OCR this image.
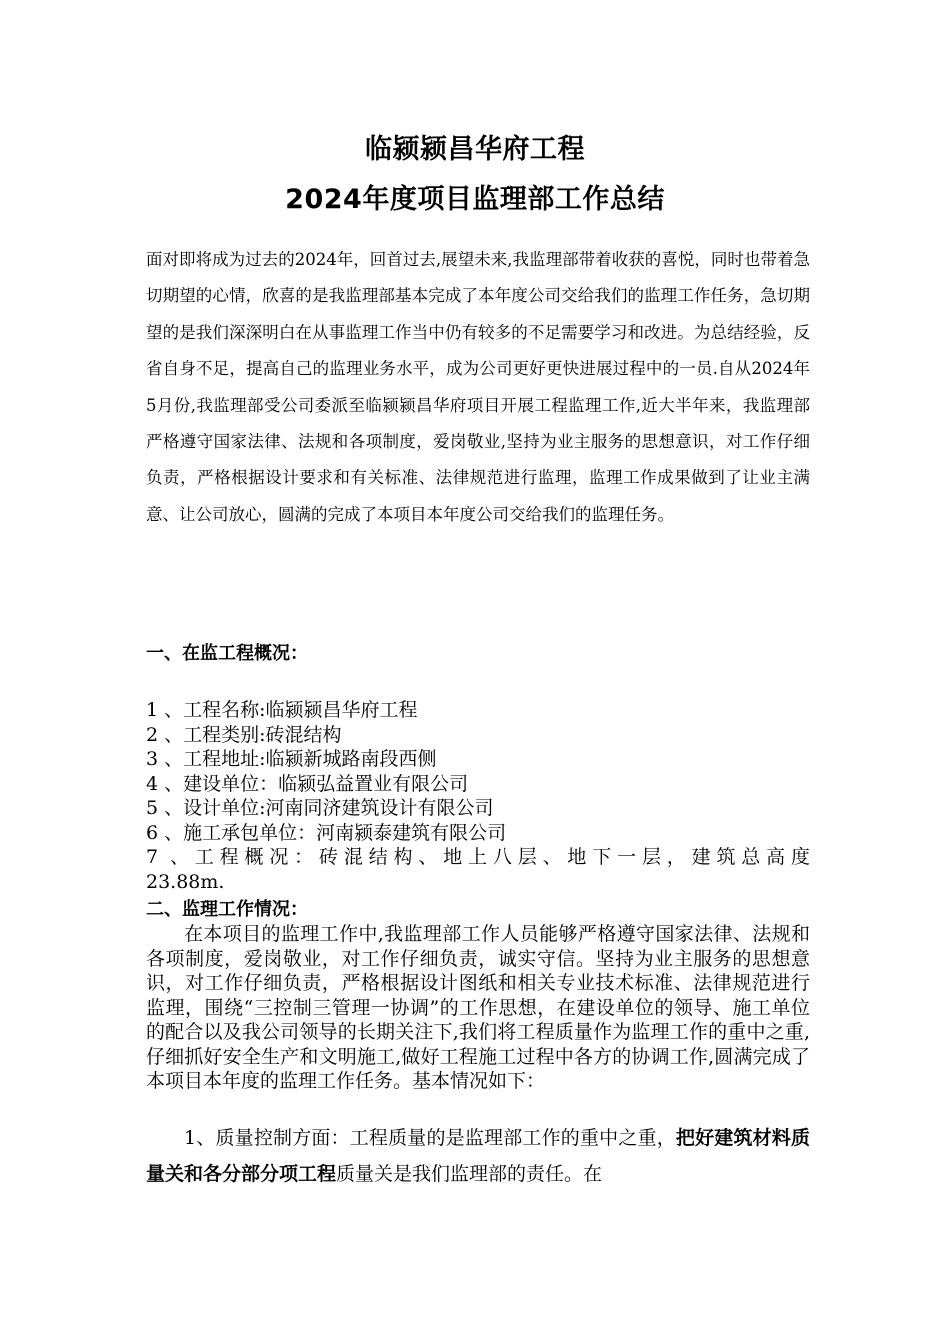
临颍颍昌华府工程
2024年度项目监理部工作总结

面对即将成为过去的2024年，回首过去,展望未来,我监理部带着收获的喜悦，同时也带着急切期望的心情，欣喜的是我监理部基本完成了本年度公司交给我们的监理工作任务，急切期望的是我们深深明白在从事监理工作当中仍有较多的不足需要学习和改进。为总结经验，反省自身不足，提高自己的监理业务水平，成为公司更好更快进展过程中的一员.自从2024年5月份,我监理部受公司委派至临颍颍昌华府项目开展工程监理工作,近大半年来，我监理部严格遵守国家法律、法规和各项制度，爱岗敬业,坚持为业主服务的思想意识，对工作仔细负责，严格根据设计要求和有关标准、法律规范进行监理，监理工作成果做到了让业主满意、让公司放心，圆满的完成了本项目本年度公司交给我们的监理任务。

一、在监工程概况：
1 、工程名称:临颍颍昌华府工程
2 、工程类别:砖混结构
3 、工程地址:临颍新城路南段西侧
4 、建设单位：临颍弘益置业有限公司
5 、设计单位:河南同济建筑设计有限公司
6 、施工承包单位：河南颍泰建筑有限公司
7 、工程概况：砖混结构、地上八层、地下一层，建筑总高度
23.88m.
二、监理工作情况：

在本项目的监理工作中,我监理部工作人员能够严格遵守国家法律、法规和各项制度，爱岗敬业，对工作仔细负责，诚实守信。坚持为业主服务的思想意识，对工作仔细负责，严格根据设计图纸和相关专业技术标准、法律规范进行监理，围绕“三控制三管理一协调”的工作思想，在建设单位的领导、施工单位的配合以及我公司领导的长期关注下,我们将工程质量作为监理工作的重中之重,仔细抓好安全生产和文明施工,做好工程施工过程中各方的协调工作,圆满完成了本项目本年度的监理工作任务。基本情况如下：

1、质量控制方面：工程质量的是监理部工作的重中之重，把好建筑材料质量关和各分部分项工程质量关是我们监理部的责任。在
